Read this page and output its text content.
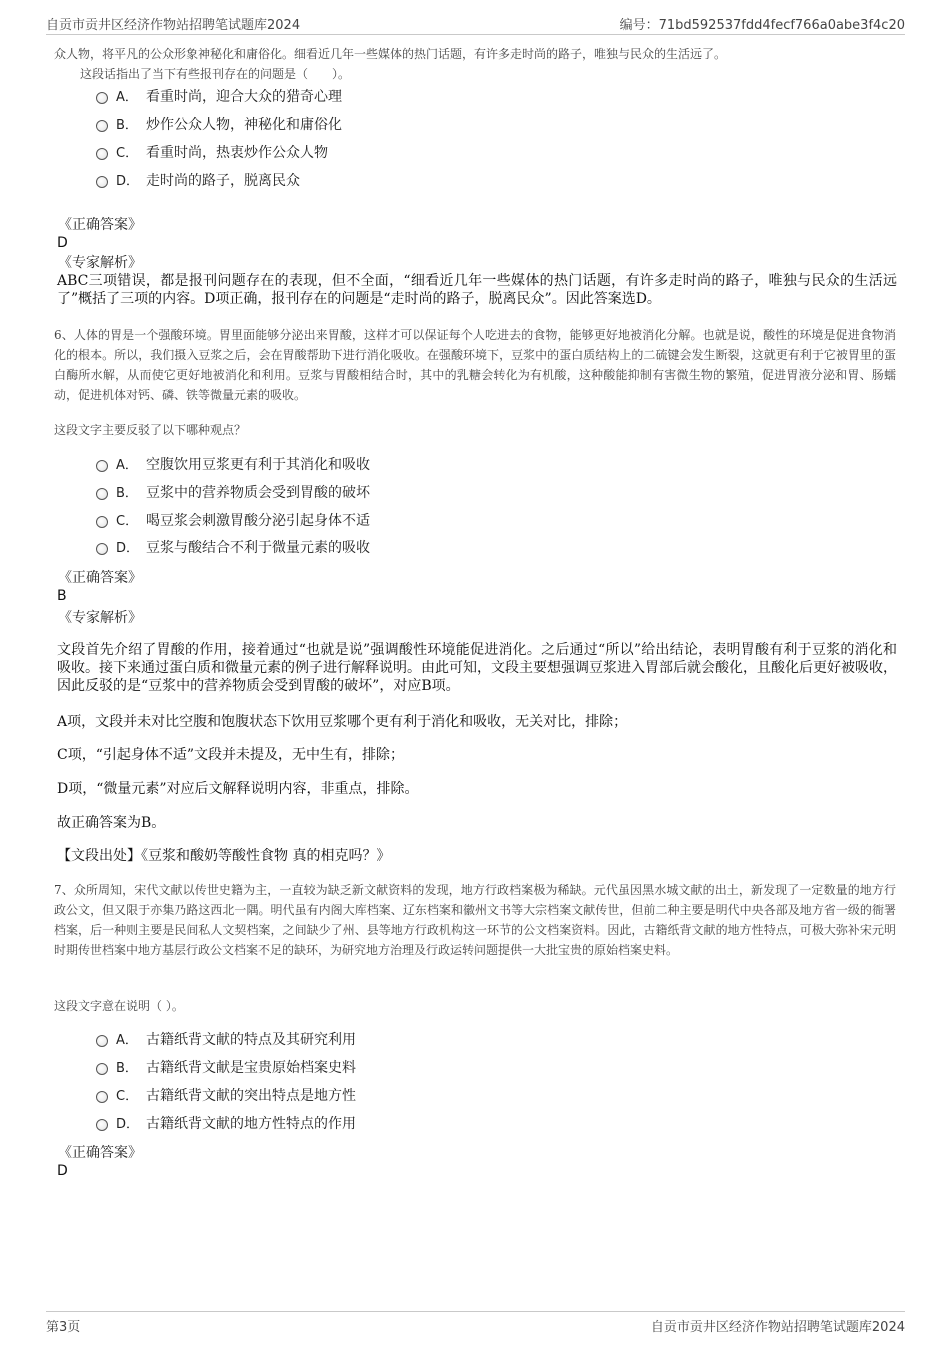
自贡市贡井区经济作物站招聘笔试题库2024	编号：71bd592537fdd4fecf766a0abe3f4c20
众人物，将平凡的公众形象神秘化和庸俗化。细看近几年一些媒体的热门话题，有许多走时尚的路子，唯独与民众的生活远了。
这段话指出了当下有些报刊存在的问题是（　　）。
A． 看重时尚，迎合大众的猎奇心理
B． 炒作公众人物，神秘化和庸俗化
C． 看重时尚，热衷炒作公众人物
D． 走时尚的路子，脱离民众
《正确答案》
D
《专家解析》
ABC三项错误，都是报刊问题存在的表现，但不全面，“细看近几年一些媒体的热门话题，有许多走时尚的路子，唯独与民众的生活远了”概括了三项的内容。D项正确，报刊存在的问题是“走时尚的路子，脱离民众”。因此答案选D。
6、人体的胃是一个强酸环境。胃里面能够分泌出来胃酸，这样才可以保证每个人吃进去的食物，能够更好地被消化分解。也就是说，酸性的环境是促进食物消化的根本。所以，我们摄入豆浆之后，会在胃酸帮助下进行消化吸收。在强酸环境下，豆浆中的蛋白质结构上的二硫键会发生断裂，这就更有利于它被胃里的蛋白酶所水解，从而使它更好地被消化和利用。豆浆与胃酸相结合时，其中的乳糖会转化为有机酸，这种酸能抑制有害微生物的繁殖，促进胃液分泌和胃、肠蠕动，促进机体对钙、磷、铁等微量元素的吸收。
这段文字主要反驳了以下哪种观点？
A． 空腹饮用豆浆更有利于其消化和吸收
B． 豆浆中的营养物质会受到胃酸的破坏
C． 喝豆浆会刺激胃酸分泌引起身体不适
D． 豆浆与酸结合不利于微量元素的吸收
《正确答案》
B
《专家解析》
文段首先介绍了胃酸的作用，接着通过“也就是说”强调酸性环境能促进消化。之后通过“所以”给出结论，表明胃酸有利于豆浆的消化和吸收。接下来通过蛋白质和微量元素的例子进行解释说明。由此可知，文段主要想强调豆浆进入胃部后就会酸化，且酸化后更好被吸收，因此反驳的是“豆浆中的营养物质会受到胃酸的破坏”，对应B项。
A项，文段并未对比空腹和饱腹状态下饮用豆浆哪个更有利于消化和吸收，无关对比，排除；
C项，“引起身体不适”文段并未提及，无中生有，排除；
D项，“微量元素”对应后文解释说明内容，非重点，排除。
故正确答案为B。
【文段出处】《豆浆和酸奶等酸性食物 真的相克吗？》
7、众所周知，宋代文献以传世史籍为主，一直较为缺乏新文献资料的发现，地方行政档案极为稀缺。元代虽因黑水城文献的出土，新发现了一定数量的地方行政公文，但又限于亦集乃路这西北一隅。明代虽有内阁大库档案、辽东档案和徽州文书等大宗档案文献传世，但前二种主要是明代中央各部及地方省一级的衙署档案，后一种则主要是民间私人文契档案，之间缺少了州、县等地方行政机构这一环节的公文档案资料。因此，古籍纸背文献的地方性特点，可极大弥补宋元明时期传世档案中地方基层行政公文档案不足的缺环，为研究地方治理及行政运转问题提供一大批宝贵的原始档案史料。
这段文字意在说明（ ）。
A． 古籍纸背文献的特点及其研究利用
B． 古籍纸背文献是宝贵原始档案史料
C． 古籍纸背文献的突出特点是地方性
D． 古籍纸背文献的地方性特点的作用
《正确答案》
D
第3页	自贡市贡井区经济作物站招聘笔试题库2024
